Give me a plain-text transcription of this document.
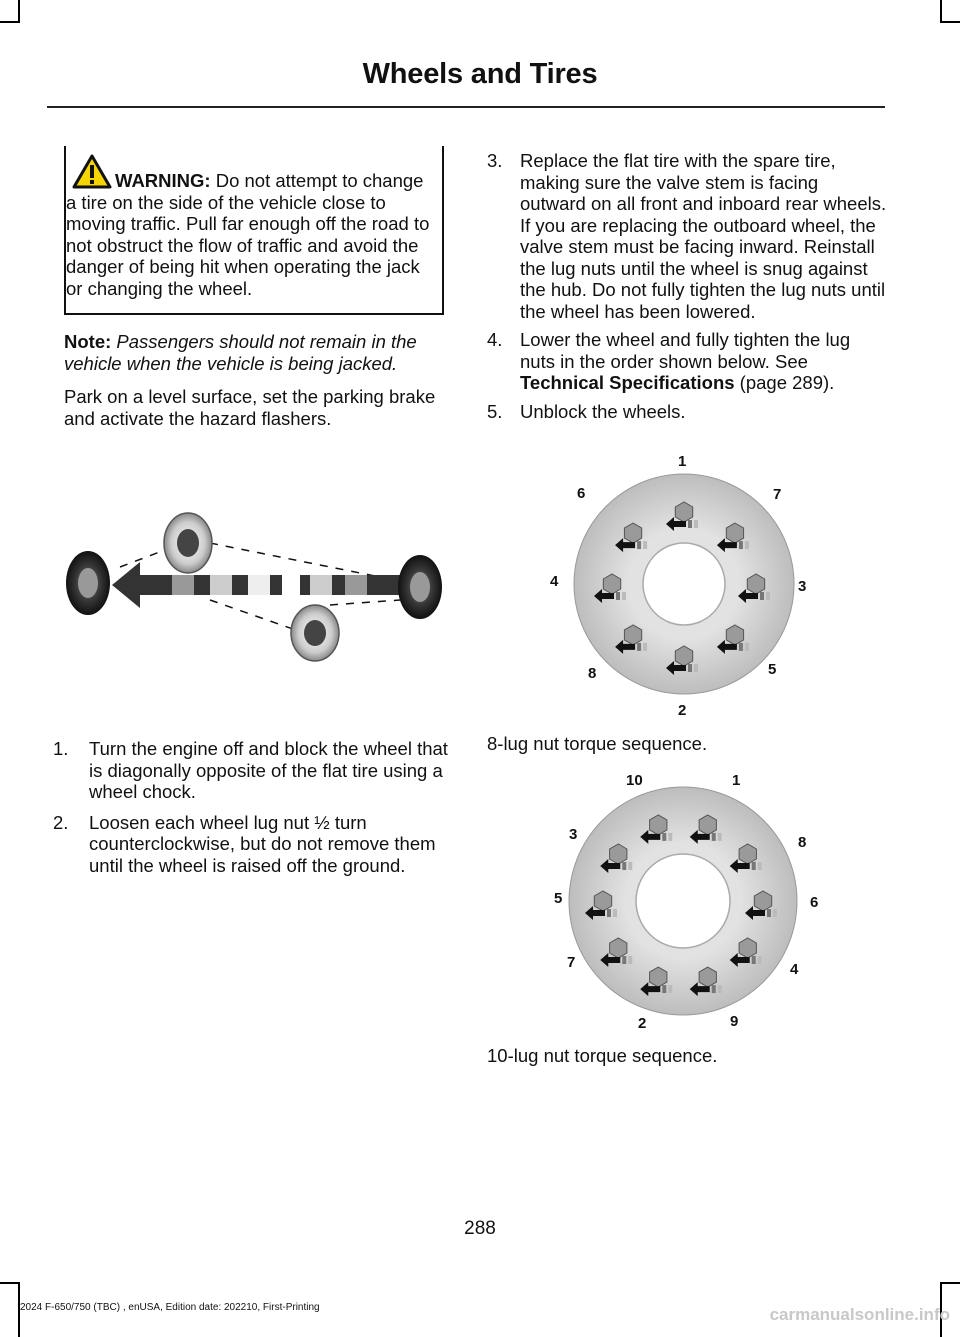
Wheels and Tires
WARNING: Do not attempt to change a tire on the side of the vehicle close to moving traffic. Pull far enough off the road to not obstruct the flow of traffic and avoid the danger of being hit when operating the jack or changing the wheel.
Note: Passengers should not remain in the vehicle when the vehicle is being jacked.
Park on a level surface, set the parking brake and activate the hazard flashers.
1. Turn the engine off and block the wheel that is diagonally opposite of the flat tire using a wheel chock.
2. Loosen each wheel lug nut ½ turn counterclockwise, but do not remove them until the wheel is raised off the ground.
3. Replace the flat tire with the spare tire, making sure the valve stem is facing outward on all front and inboard rear wheels. If you are replacing the outboard wheel, the valve stem must be facing inward. Reinstall the lug nuts until the wheel is snug against the hub. Do not fully tighten the lug nuts until the wheel has been lowered.
4. Lower the wheel and fully tighten the lug nuts in the order shown below. See Technical Specifications (page 289).
5. Unblock the wheels.
1
7
3
5
2
8
4
6
8-lug nut torque sequence.
1
8
6
4
9
2
7
5
3
10
10-lug nut torque sequence.
288
2024 F-650/750 (TBC) , enUSA, Edition date: 202210, First-Printing	carmanualsonline.info
